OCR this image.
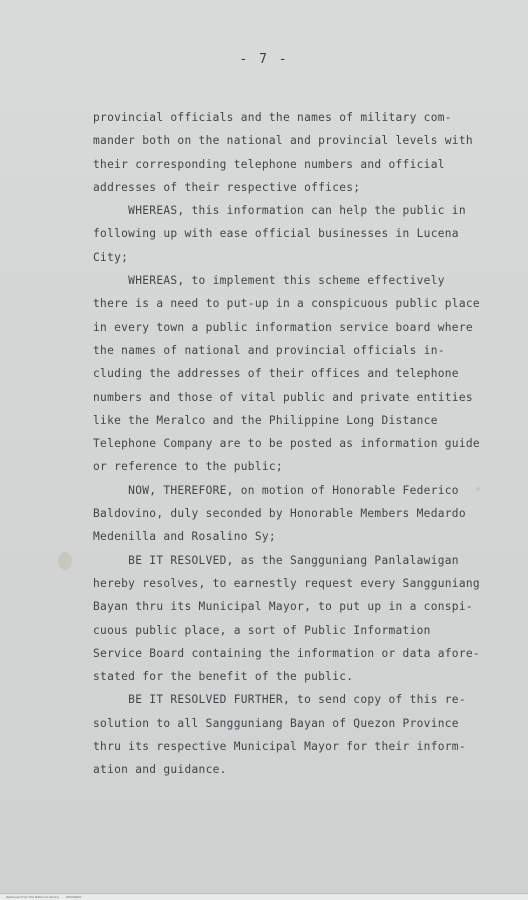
- 7 -
provincial officials and the names of military com-
mander both on the national and provincial levels with
their corresponding telephone numbers and official
addresses of their respective offices;
WHEREAS, this information can help the public in
following up with ease official businesses in Lucena
City;
WHEREAS, to implement this scheme effectively
there is a need to put-up in a conspicuous public place
in every town a public information service board where
the names of national and provincial officials in-
cluding the addresses of their offices and telephone
numbers and those of vital public and private entities
like the Meralco and the Philippine Long Distance
Telephone Company are to be posted as information guide
or reference to the public;
NOW, THEREFORE, on motion of Honorable Federico
Baldovino, duly seconded by Honorable Members Medardo
Medenilla and Rosalino Sy;
BE IT RESOLVED, as the Sangguniang Panlalawigan
hereby resolves, to earnestly request every Sangguniang
Bayan thru its Municipal Mayor, to put up in a conspi-
cuous public place, a sort of Public Information
Service Board containing the information or data afore-
stated for the benefit of the public.
BE IT RESOLVED FURTHER, to send copy of this re-
solution to all Sangguniang Bayan of Quezon Province
thru its respective Municipal Mayor for their inform-
ation and guidance.
Retrieved from the National Library 00000000
